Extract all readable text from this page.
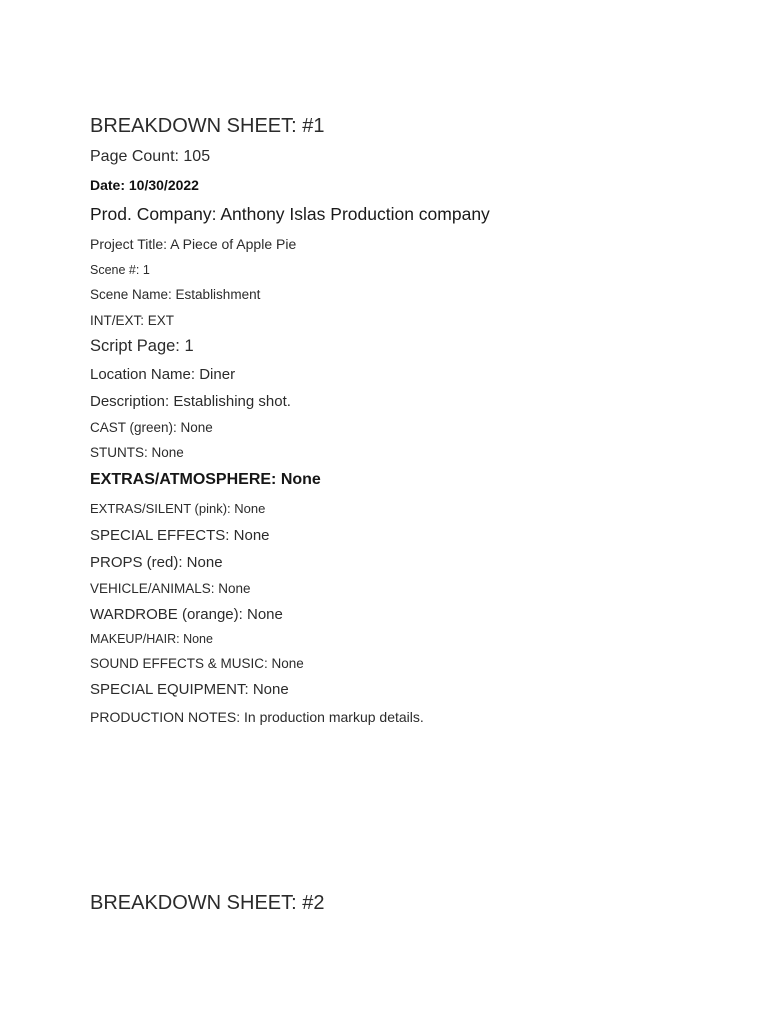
BREAKDOWN SHEET: #1
Page Count: 105
Date: 10/30/2022
Prod. Company: Anthony Islas Production company
Project Title: A Piece of Apple Pie
Scene #: 1
Scene Name: Establishment
INT/EXT: EXT
Script Page: 1
Location Name: Diner
Description: Establishing shot.
CAST (green): None
STUNTS: None
EXTRAS/ATMOSPHERE: None
EXTRAS/SILENT (pink): None
SPECIAL EFFECTS: None
PROPS (red): None
VEHICLE/ANIMALS: None
WARDROBE (orange): None
MAKEUP/HAIR: None
SOUND EFFECTS & MUSIC: None
SPECIAL EQUIPMENT: None
PRODUCTION NOTES: In production markup details.
BREAKDOWN SHEET: #2
